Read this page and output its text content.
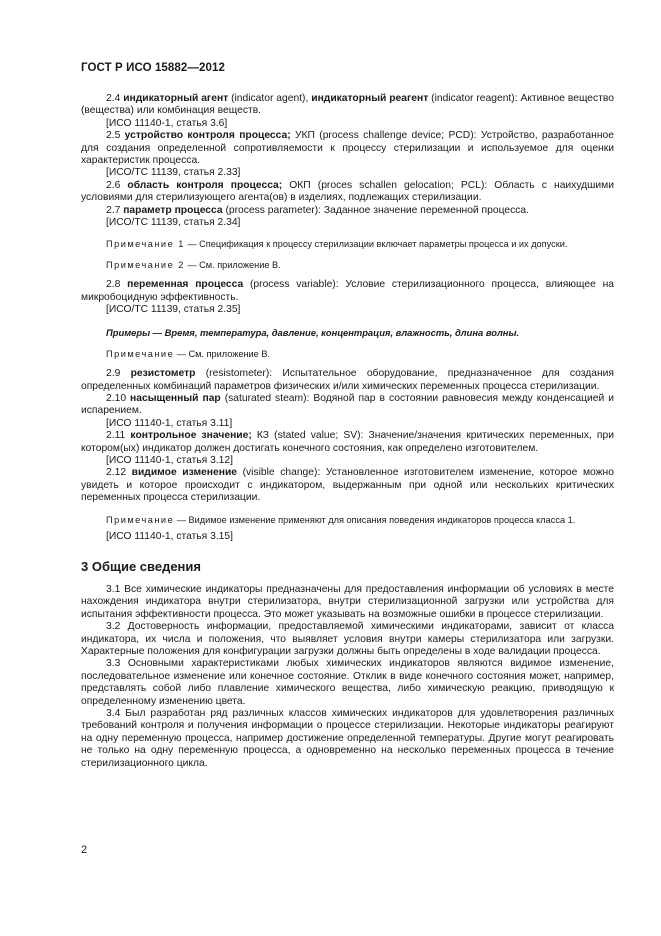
ГОСТ Р ИСО 15882—2012

2.4 индикаторный агент (indicator agent), индикаторный реагент (indicator reagent): Активное вещество (вещества) или комбинация веществ.

[ИСО 11140-1, статья 3.6]

2.5 устройство контроля процесса; УКП (process challenge device; PCD): Устройство, разработанное для создания определенной сопротивляемости к процессу стерилизации и используемое для оценки характеристик процесса.

[ИСО/ТС 11139, статья 2.33]

2.6 область контроля процесса; ОКП (proces schallen gelocation; PCL): Область с наихудшими условиями для стерилизующего агента(ов) в изделиях, подлежащих стерилизации.

2.7 параметр процесса (process parameter): Заданное значение переменной процесса.

[ИСО/ТС 11139, статья 2.34]

Примечание 1 — Спецификация к процессу стерилизации включает параметры процесса и их допуски.

Примечание 2 — См. приложение В.

2.8 переменная процесса (process variable): Условие стерилизационного процесса, влияющее на микробоцидную эффективность.

[ИСО/ТС 11139, статья 2.35]

Примеры — Время, температура, давление, концентрация, влажность, длина волны.

Примечание — См. приложение В.

2.9 резистометр (resistometer): Испытательное оборудование, предназначенное для создания определенных комбинаций параметров физических и/или химических переменных процесса стерилизации.

2.10 насыщенный пар (saturated steam): Водяной пар в состоянии равновесия между конденсацией и испарением.

[ИСО 11140-1, статья 3.11]

2.11 контрольное значение; КЗ (stated value; SV): Значение/значения критических переменных, при котором(ых) индикатор должен достигать конечного состояния, как определено изготовителем.

[ИСО 11140-1, статья 3.12]

2.12 видимое изменение (visible change): Установленное изготовителем изменение, которое можно увидеть и которое происходит с индикатором, выдержанным при одной или нескольких критических переменных процесса стерилизации.

Примечание — Видимое изменение применяют для описания поведения индикаторов процесса класса 1.

[ИСО 11140-1, статья 3.15]

3 Общие сведения

3.1 Все химические индикаторы предназначены для предоставления информации об условиях в месте нахождения индикатора внутри стерилизатора, внутри стерилизационной загрузки или устройства для испытания эффективности процесса. Это может указывать на возможные ошибки в процессе стерилизации.

3.2 Достоверность информации, предоставляемой химическими индикаторами, зависит от класса индикатора, их числа и положения, что выявляет условия внутри камеры стерилизатора или загрузки. Характерные положения для конфигурации загрузки должны быть определены в ходе валидации процесса.

3.3 Основными характеристиками любых химических индикаторов являются видимое изменение, последовательное изменение или конечное состояние. Отклик в виде конечного состояния может, например, представлять собой либо плавление химического вещества, либо химическую реакцию, приводящую к определенному изменению цвета.

3.4 Был разработан ряд различных классов химических индикаторов для удовлетворения различных требований контроля и получения информации о процессе стерилизации. Некоторые индикаторы реагируют на одну переменную процесса, например достижение определенной температуры. Другие могут реагировать не только на одну переменную процесса, а одновременно на несколько переменных процесса в течение стерилизационного цикла.

2
